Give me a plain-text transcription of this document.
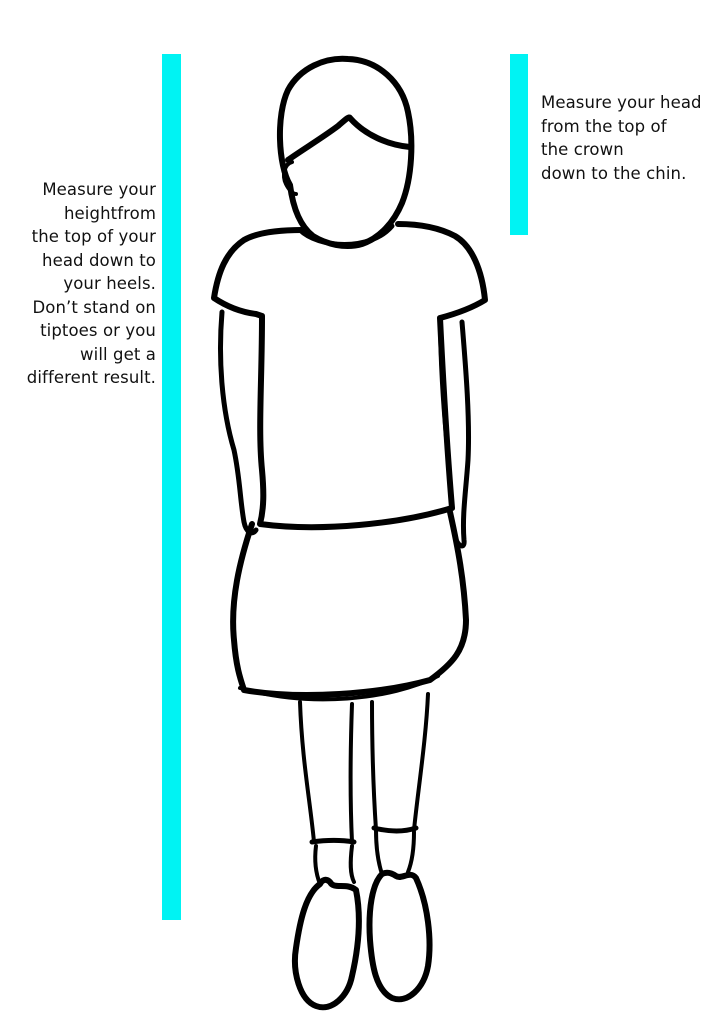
Measure your
heightfrom
the top of your
head down to
your heels.
Don’t stand on
tiptoes or you
will get a
different result.
Measure your head
from the top of
the crown
down to the chin.
